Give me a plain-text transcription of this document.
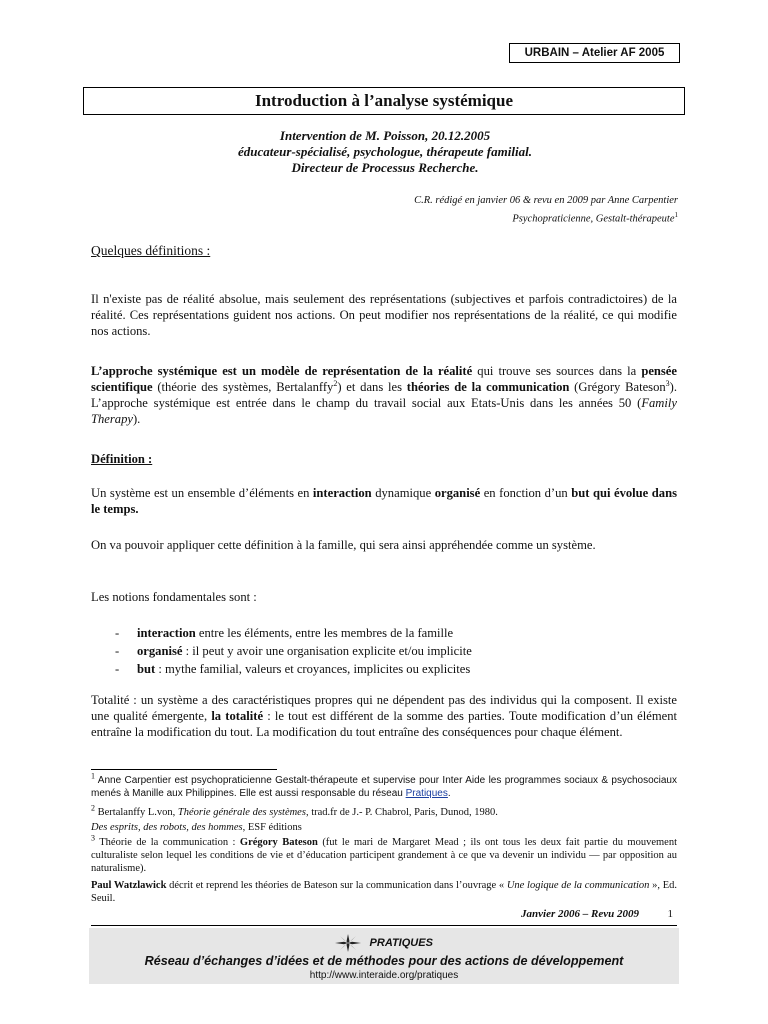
URBAIN – Atelier AF 2005
Introduction à l’analyse systémique
Intervention de M. Poisson, 20.12.2005
éducateur-spécialisé, psychologue, thérapeute familial.
Directeur de Processus Recherche.
C.R. rédigé en janvier 06 & revu en 2009 par Anne Carpentier
Psychopraticienne, Gestalt-thérapeute$^1$
Quelques définitions :
Il n'existe pas de réalité absolue, mais seulement des représentations (subjectives et parfois contradictoires) de la réalité. Ces représentations guident nos actions. On peut modifier nos représentations de la réalité, ce qui modifie nos actions.
L’approche systémique est un modèle de représentation de la réalité qui trouve ses sources dans la pensée scientifique (théorie des systèmes, Bertalanffy$^2$) et dans les théories de la communication (Grégory Bateson$^3$). L’approche systémique est entrée dans le champ du travail social aux Etats-Unis dans les années 50 (Family Therapy).
Définition :
Un système est un ensemble d’éléments en interaction dynamique organisé en fonction d’un but qui évolue dans le temps.
On va pouvoir appliquer cette définition à la famille, qui sera ainsi appréhendée comme un système.
Les notions fondamentales sont :
- interaction entre les éléments, entre les membres de la famille
- organisé : il peut y avoir une organisation explicite et/ou implicite
- but : mythe familial, valeurs et croyances, implicites ou explicites
Totalité : un système a des caractéristiques propres qui ne dépendent pas des individus qui la composent. Il existe une qualité émergente, la totalité : le tout est différent de la somme des parties. Toute modification d’un élément entraîne la modification du tout. La modification du tout entraîne des conséquences pour chaque élément.
$^1$ Anne Carpentier est psychopraticienne Gestalt-thérapeute et supervise pour Inter Aide les programmes sociaux & psychosociaux menés à Manille aux Philippines. Elle est aussi responsable du réseau Pratiques.
$^2$ Bertalanffy L.von, Théorie générale des systèmes, trad.fr de J.- P. Chabrol, Paris, Dunod, 1980.
Des esprits, des robots, des hommes, ESF éditions
$^3$ Théorie de la communication : Grégory Bateson (fut le mari de Margaret Mead ; ils ont tous les deux fait partie du mouvement culturaliste selon lequel les conditions de vie et d’éducation participent grandement à ce que va devenir un individu — par opposition au naturalisme).
Paul Watzlawick décrit et reprend les théories de Bateson sur la communication dans l’ouvrage « Une logique de la communication », Ed. Seuil.
Janvier 2006 – Revu 2009	1
PRATIQUES
Réseau d’échanges d’idées et de méthodes pour des actions de développement
http://www.interaide.org/pratiques
